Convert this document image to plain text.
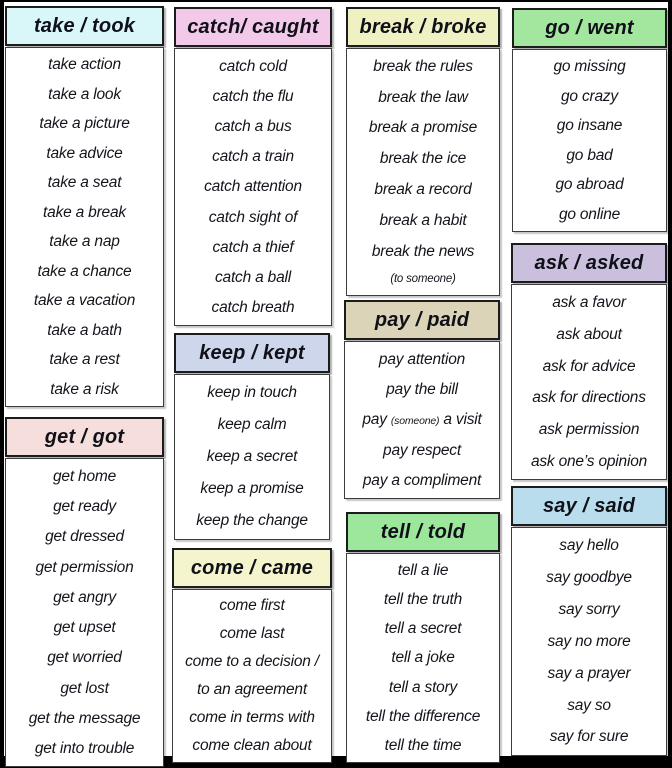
take / took
take action
take a look
take a picture
take advice
take a seat
take a break
take a nap
take a chance
take a vacation
take a bath
take a rest
take a risk
get / got
get home
get ready
get dressed
get permission
get angry
get upset
get worried
get lost
get the message
get into trouble
catch/ caught
catch cold
catch the flu
catch a bus
catch a train
catch attention
catch sight of
catch a thief
catch a ball
catch breath
keep / kept
keep in touch
keep calm
keep a secret
keep a promise
keep the change
come / came
come first
come last
come to a decision /
to an agreement
come in terms with
come clean about
break / broke
break the rules
break the law
break a promise
break the ice
break a record
break a habit
break the news
(to someone)
pay / paid
pay attention
pay the bill
pay (someone) a visit
pay respect
pay a compliment
tell / told
tell a lie
tell the truth
tell a secret
tell a joke
tell a story
tell the difference
tell the time
go / went
go missing
go crazy
go insane
go bad
go abroad
go online
ask / asked
ask a favor
ask about
ask for advice
ask for directions
ask permission
ask one’s opinion
say / said
say hello
say goodbye
say sorry
say no more
say a prayer
say so
say for sure
